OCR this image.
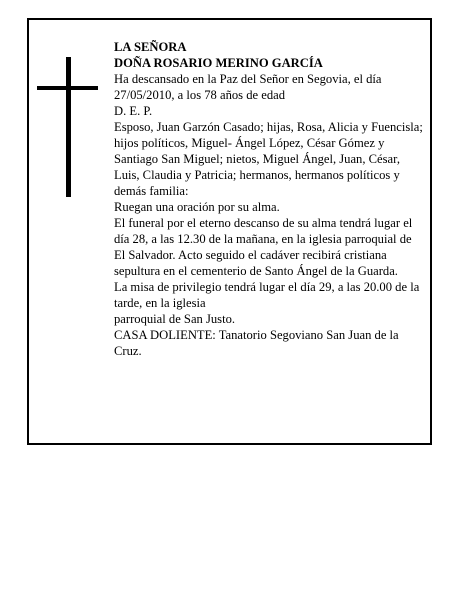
LA SEÑORA

DOÑA ROSARIO MERINO GARCÍA

Ha descansado en la Paz del Señor en Segovia, el día 27/05/2010, a los 78 años de edad

D. E. P.

Esposo, Juan Garzón Casado; hijas, Rosa, Alicia y Fuencisla; hijos políticos, Miguel- Ángel López, César Gómez y Santiago San Miguel; nietos, Miguel Ángel, Juan, César, Luis, Claudia y Patricia; hermanos, hermanos políticos y demás familia:

Ruegan una oración por su alma.

El funeral por el eterno descanso de su alma tendrá lugar el día 28, a las 12.30 de la mañana, en la iglesia parroquial de El Salvador. Acto seguido el cadáver recibirá cristiana sepultura en el cementerio de Santo Ángel de la Guarda.

La misa de privilegio tendrá lugar el día 29, a las 20.00 de la tarde, en la iglesia

parroquial de San Justo.

CASA DOLIENTE: Tanatorio Segoviano San Juan de la Cruz.
